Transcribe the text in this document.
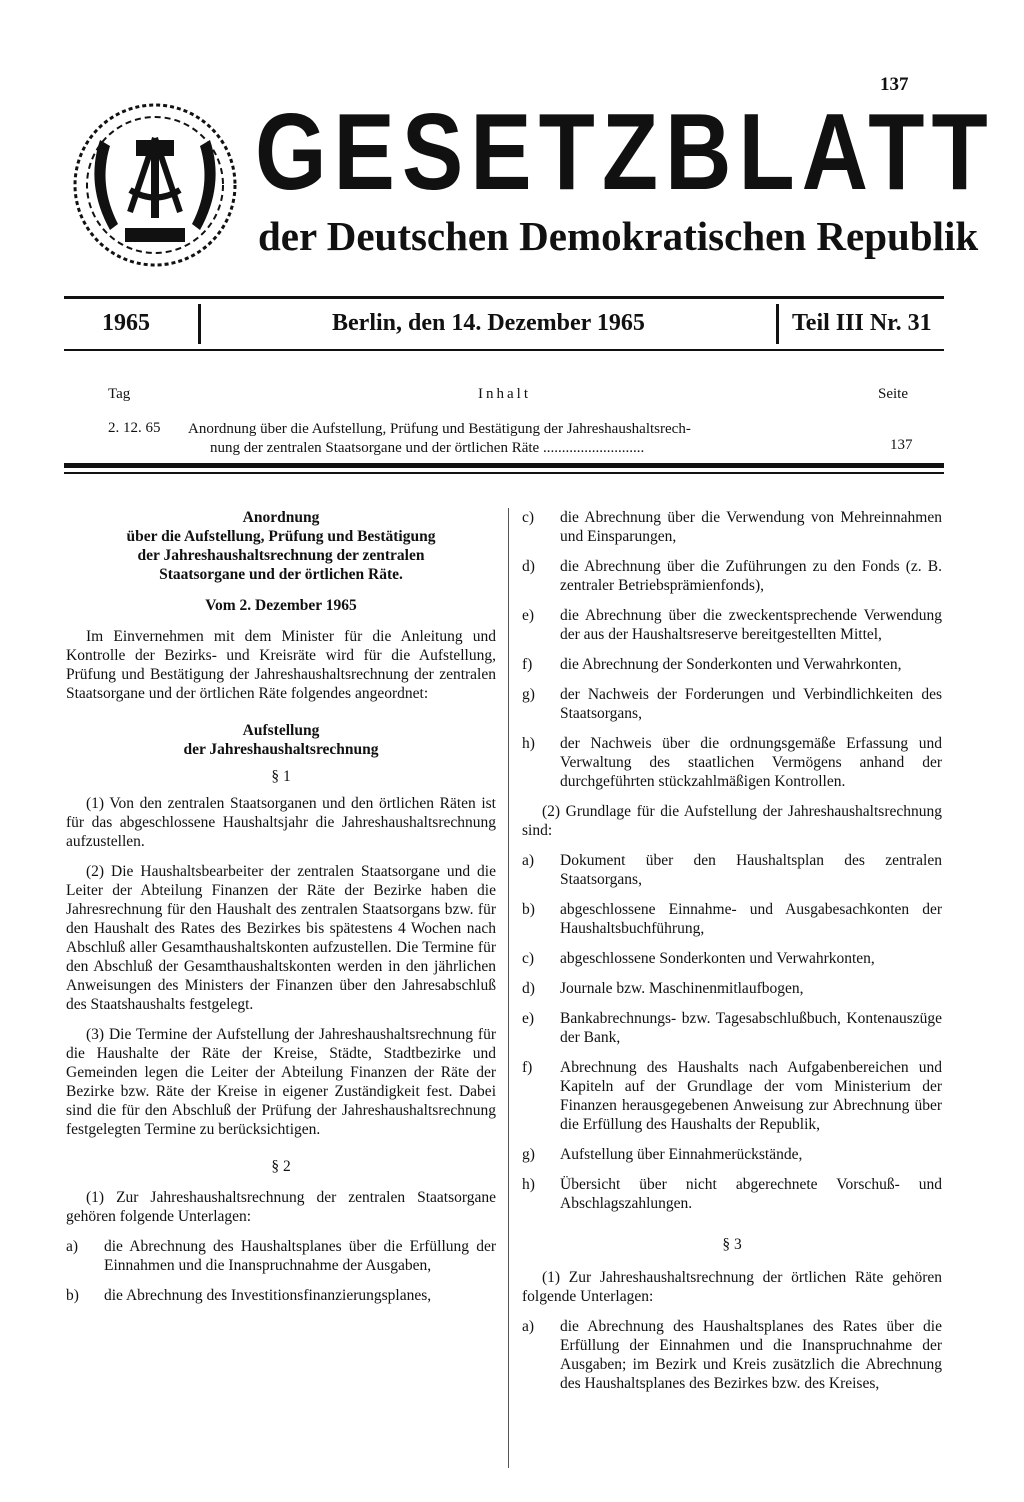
137
GESETZBLATT
der Deutschen Demokratischen Republik
1965	Berlin, den 14. Dezember 1965	Teil III Nr. 31
Tag	Inhalt	Seite
2. 12. 65 Anordnung über die Aufstellung, Prüfung und Bestätigung der Jahreshaushaltsrech-
nung der zentralen Staatsorgane und der örtlichen Räte ...........................	137
Anordnung
über die Aufstellung, Prüfung und Bestätigung
der Jahreshaushaltsrechnung der zentralen
Staatsorgane und der örtlichen Räte.
Vom 2. Dezember 1965

Im Einvernehmen mit dem Minister für die Anleitung und Kontrolle der Bezirks- und Kreisräte wird für die Aufstellung, Prüfung und Bestätigung der Jahreshaushaltsrechnung der zentralen Staatsorgane und der örtlichen Räte folgendes angeordnet:

Aufstellung
der Jahreshaushaltsrechnung
§ 1

(1) Von den zentralen Staatsorganen und den örtlichen Räten ist für das abgeschlossene Haushaltsjahr die Jahreshaushaltsrechnung aufzustellen.

(2) Die Haushaltsbearbeiter der zentralen Staatsorgane und die Leiter der Abteilung Finanzen der Räte der Bezirke haben die Jahresrechnung für den Haushalt des zentralen Staatsorgans bzw. für den Haushalt des Rates des Bezirkes bis spätestens 4 Wochen nach Abschluß aller Gesamthaushaltskonten aufzustellen. Die Termine für den Abschluß der Gesamthaushaltskonten werden in den jährlichen Anweisungen des Ministers der Finanzen über den Jahresabschluß des Staatshaushalts festgelegt.

(3) Die Termine der Aufstellung der Jahreshaushaltsrechnung für die Haushalte der Räte der Kreise, Städte, Stadtbezirke und Gemeinden legen die Leiter der Abteilung Finanzen der Räte der Bezirke bzw. Räte der Kreise in eigener Zuständigkeit fest. Dabei sind die für den Abschluß der Prüfung der Jahreshaushaltsrechnung festgelegten Termine zu berücksichtigen.

§ 2

(1) Zur Jahreshaushaltsrechnung der zentralen Staatsorgane gehören folgende Unterlagen:

a)	die Abrechnung des Haushaltsplanes über die Erfüllung der Einnahmen und die Inanspruchnahme der Ausgaben,
b)	die Abrechnung des Investitionsfinanzierungsplanes,
c)	die Abrechnung über die Verwendung von Mehreinnahmen und Einsparungen,
d)	die Abrechnung über die Zuführungen zu den Fonds (z. B. zentraler Betriebsprämienfonds),
e)	die Abrechnung über die zweckentsprechende Verwendung der aus der Haushaltsreserve bereitgestellten Mittel,
f)	die Abrechnung der Sonderkonten und Verwahrkonten,
g)	der Nachweis der Forderungen und Verbindlichkeiten des Staatsorgans,
h)	der Nachweis über die ordnungsgemäße Erfassung und Verwaltung des staatlichen Vermögens anhand der durchgeführten stückzahlmäßigen Kontrollen.

(2) Grundlage für die Aufstellung der Jahreshaushaltsrechnung sind:

a)	Dokument über den Haushaltsplan des zentralen Staatsorgans,
b)	abgeschlossene Einnahme- und Ausgabesachkonten der Haushaltsbuchführung,
c)	abgeschlossene Sonderkonten und Verwahrkonten,
d)	Journale bzw. Maschinenmitlaufbogen,
e)	Bankabrechnungs- bzw. Tagesabschlußbuch, Kontenauszüge der Bank,
f)	Abrechnung des Haushalts nach Aufgabenbereichen und Kapiteln auf der Grundlage der vom Ministerium der Finanzen herausgegebenen Anweisung zur Abrechnung über die Erfüllung des Haushalts der Republik,
g)	Aufstellung über Einnahmerückstände,
h)	Übersicht über nicht abgerechnete Vorschuß- und Abschlagszahlungen.
§ 3

(1) Zur Jahreshaushaltsrechnung der örtlichen Räte gehören folgende Unterlagen:

a)	die Abrechnung des Haushaltsplanes des Rates über die Erfüllung der Einnahmen und die Inanspruchnahme der Ausgaben; im Bezirk und Kreis zusätzlich die Abrechnung des Haushaltsplanes des Bezirkes bzw. des Kreises,
